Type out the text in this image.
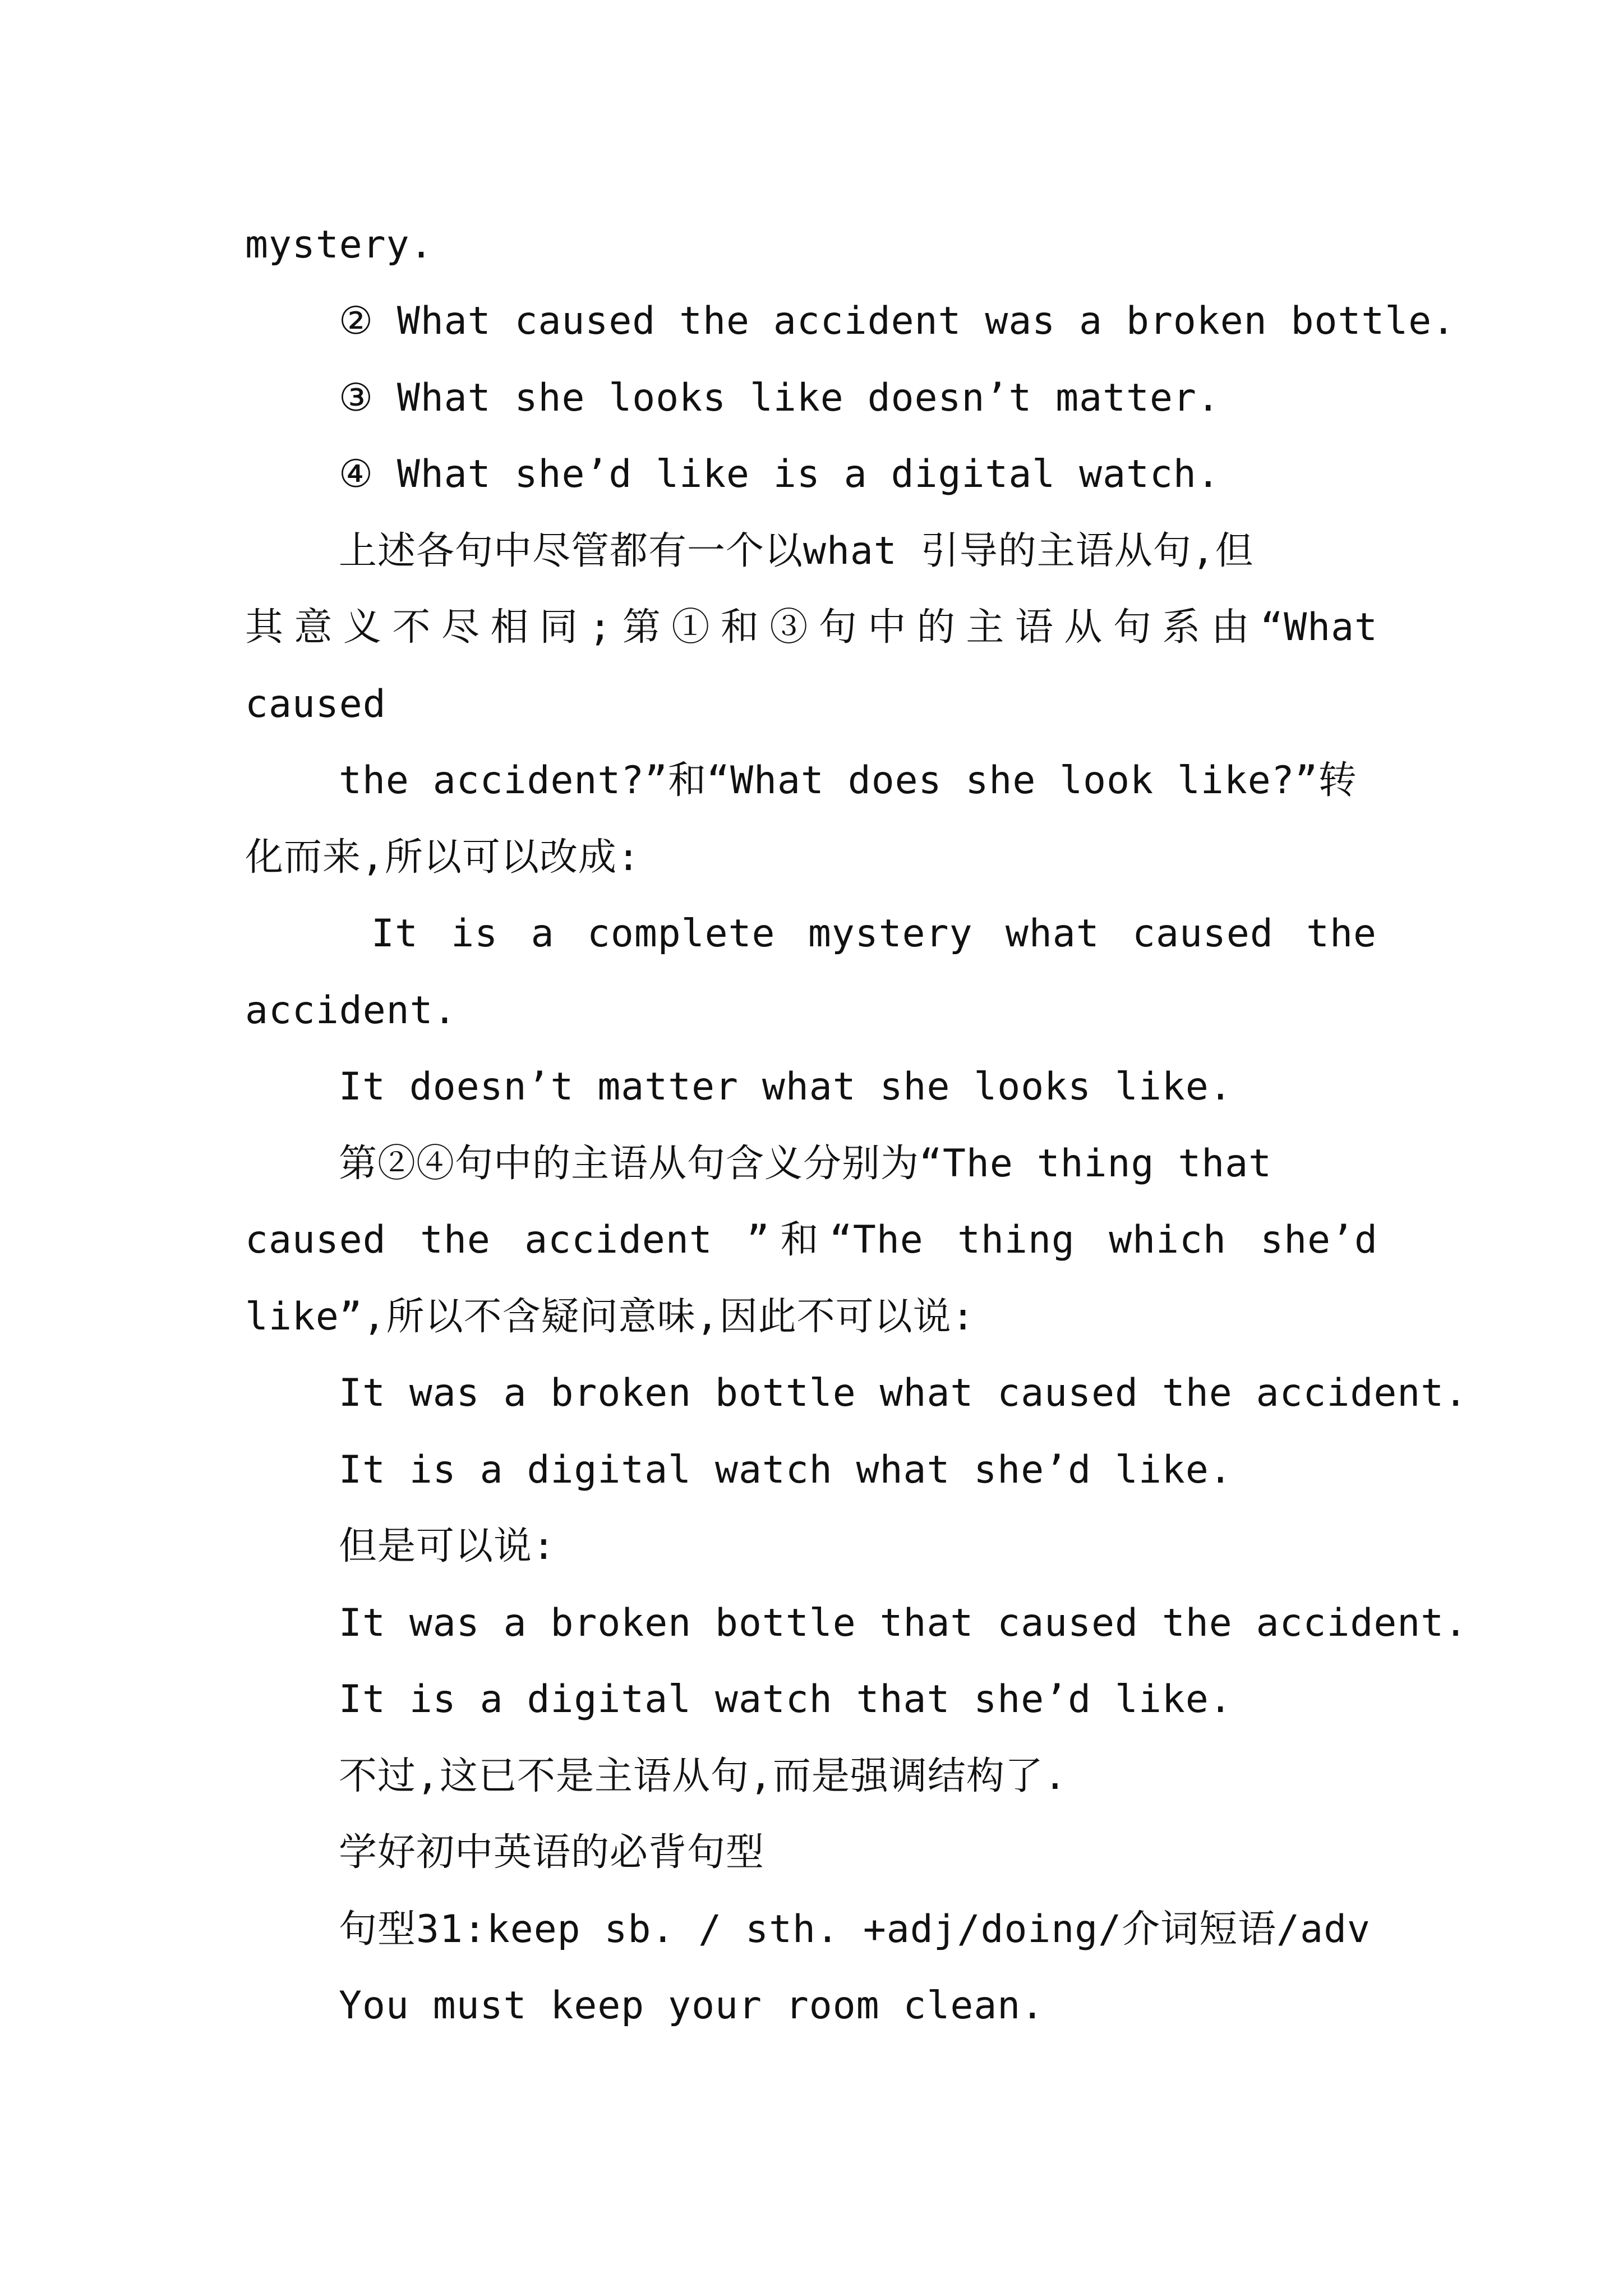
mystery.
② What caused the accident was a broken bottle.
③ What she looks like doesn’t matter.
④ What she’d like is a digital watch.
上述各句中尽管都有一个以what 引导的主语从句,但
其意义不尽相同;第①和③句中的主语从句系由“What
caused
the accident?”和“What does she look like?”转
化而来,所以可以改成:
It is a complete mystery what caused the
accident.
It doesn’t matter what she looks like.
第②④句中的主语从句含义分别为“The thing that
caused the accident ”和“The thing which she’d
like”,所以不含疑问意味,因此不可以说:
It was a broken bottle what caused the accident.
It is a digital watch what she’d like.
但是可以说:
It was a broken bottle that caused the accident.
It is a digital watch that she’d like.
不过,这已不是主语从句,而是强调结构了.
学好初中英语的必背句型
句型31:keep sb. / sth. +adj/doing/介词短语/adv
You must keep your room clean.
